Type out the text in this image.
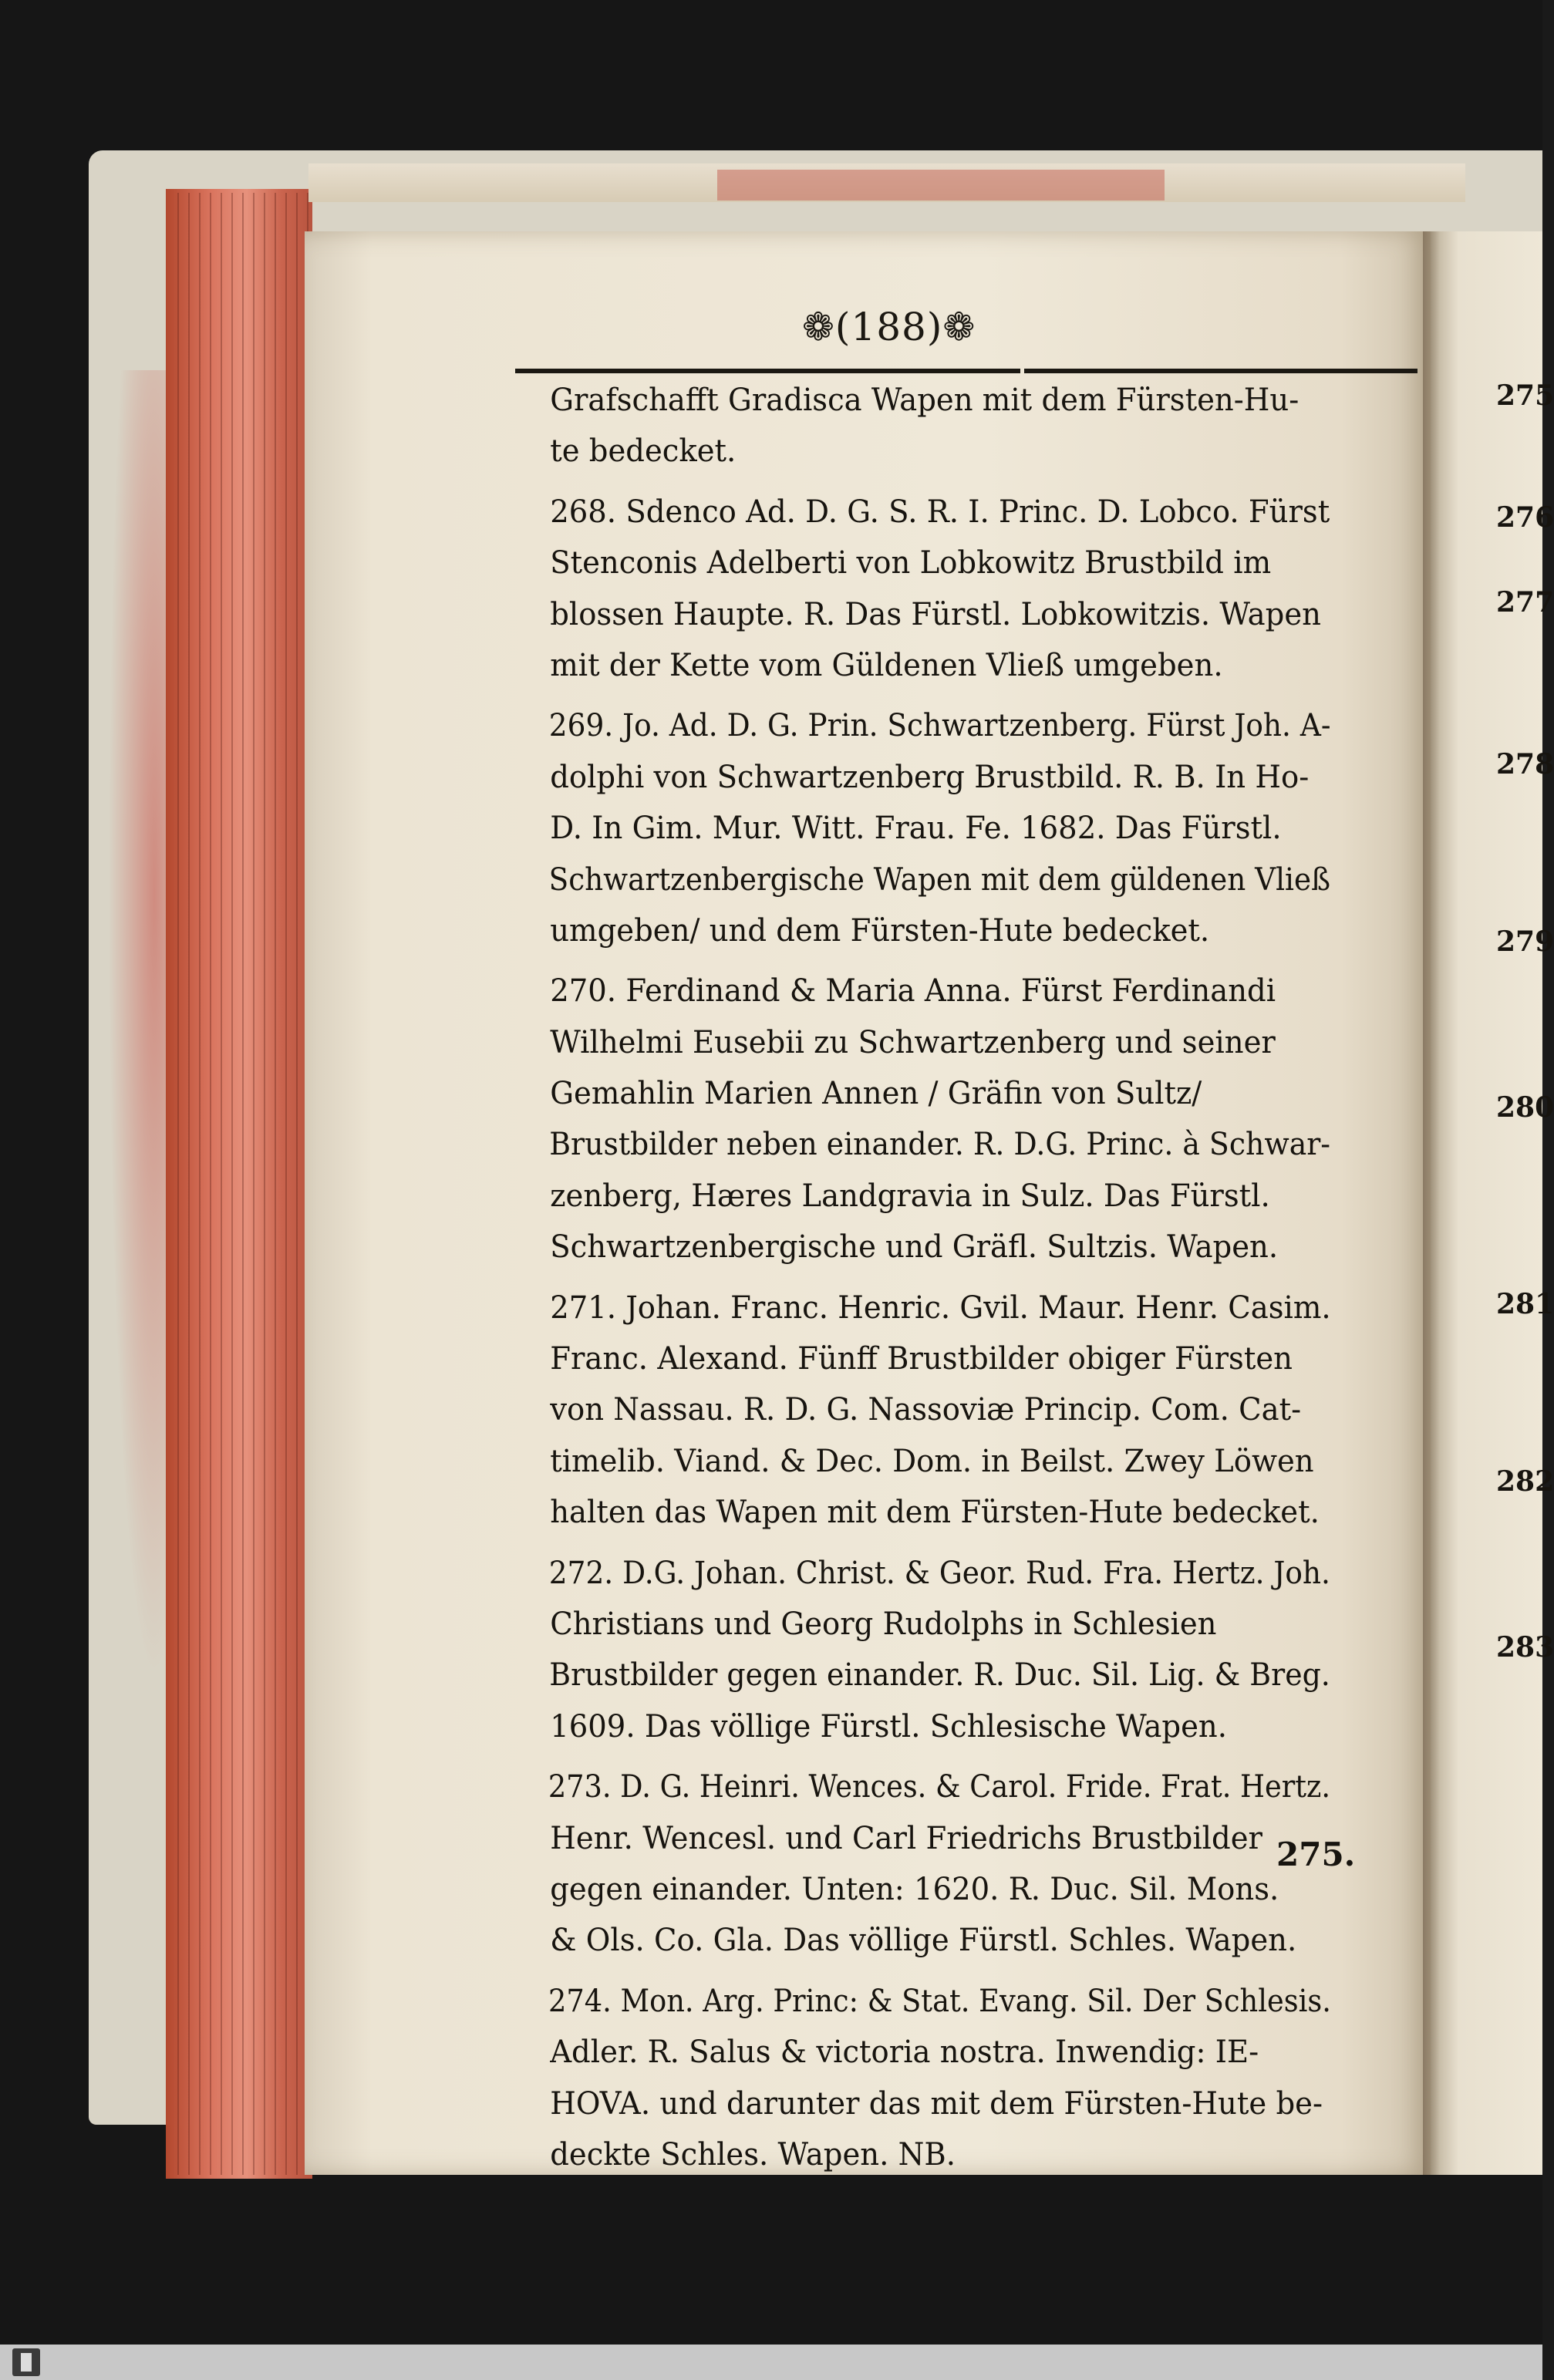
❁(188)❁
Grafschafft Gradisca Wapen mit dem Fürsten‑Hu‑
te bedecket.
268. Sdenco Ad. D. G. S. R. I. Princ. D. Lobco. Fürst
Stenconis Adelberti von Lobkowitz Brustbild im
blossen Haupte. R. Das Fürstl. Lobkowitzis. Wapen
mit der Kette vom Güldenen Vließ umgeben.
269. Jo. Ad. D. G. Prin. Schwartzenberg. Fürst Joh. A‑
dolphi von Schwartzenberg Brustbild. R. B. In Ho‑
D. In Gim. Mur. Witt. Frau. Fe. 1682. Das Fürstl.
Schwartzenbergische Wapen mit dem güldenen Vließ
umgeben/ und dem Fürsten‑Hute bedecket.
270. Ferdinand & Maria Anna. Fürst Ferdinandi
Wilhelmi Eusebii zu Schwartzenberg und seiner
Gemahlin Marien Annen / Gräfin von Sultz/
Brustbilder neben einander. R. D.G. Princ. à Schwar‑
zenberg, Hæres Landgravia in Sulz. Das Fürstl.
Schwartzenbergische und Gräfl. Sultzis. Wapen.
271. Johan. Franc. Henric. Gvil. Maur. Henr. Casim.
Franc. Alexand. Fünff Brustbilder obiger Fürsten
von Nassau. R. D. G. Nassoviæ Princip. Com. Cat‑
timelib. Viand. & Dec. Dom. in Beilst. Zwey Löwen
halten das Wapen mit dem Fürsten‑Hute bedecket.
272. D.G. Johan. Christ. & Geor. Rud. Fra. Hertz. Joh.
Christians und Georg Rudolphs in Schlesien
Brustbilder gegen einander. R. Duc. Sil. Lig. & Breg.
1609. Das völlige Fürstl. Schlesische Wapen.
273. D. G. Heinri. Wences. & Carol. Fride. Frat. Hertz.
Henr. Wencesl. und Carl Friedrichs Brustbilder
gegen einander. Unten: 1620. R. Duc. Sil. Mons.
& Ols. Co. Gla. Das völlige Fürstl. Schles. Wapen.
274. Mon. Arg. Princ: & Stat. Evang. Sil. Der Schlesis.
Adler. R. Salus & victoria nostra. Inwendig: IE‑
HOVA. und darunter das mit dem Fürsten‑Hute be‑
deckte Schles. Wapen. NB.
275.
275
276
277
278
279
280
281
282
283
